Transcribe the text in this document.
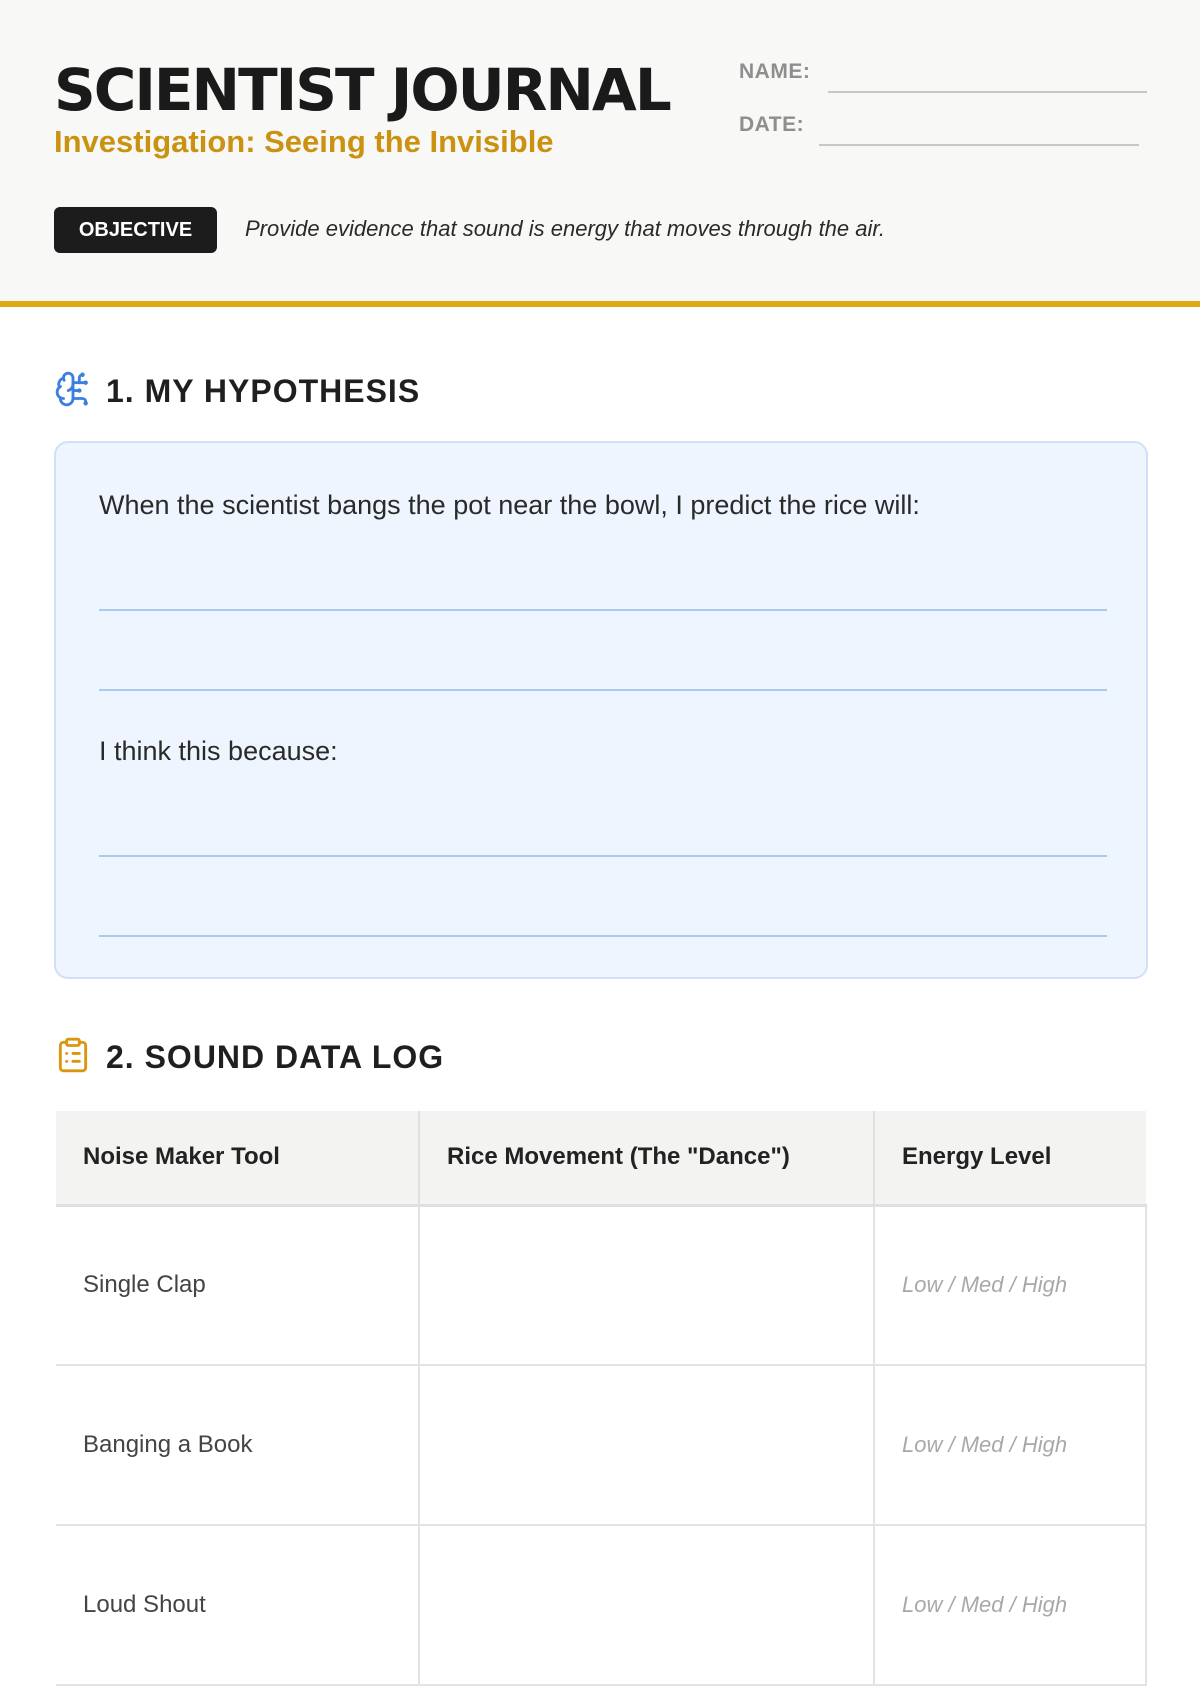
SCIENTIST JOURNAL
Investigation: Seeing the Invisible
NAME:
DATE:
OBJECTIVE	Provide evidence that sound is energy that moves through the air.
1. MY HYPOTHESIS
When the scientist bangs the pot near the bowl, I predict the rice will:
I think this because:
2. SOUND DATA LOG
Noise Maker Tool	Rice Movement (The "Dance")	Energy Level
Single Clap		Low / Med / High
Banging a Book		Low / Med / High
Loud Shout		Low / Med / High
